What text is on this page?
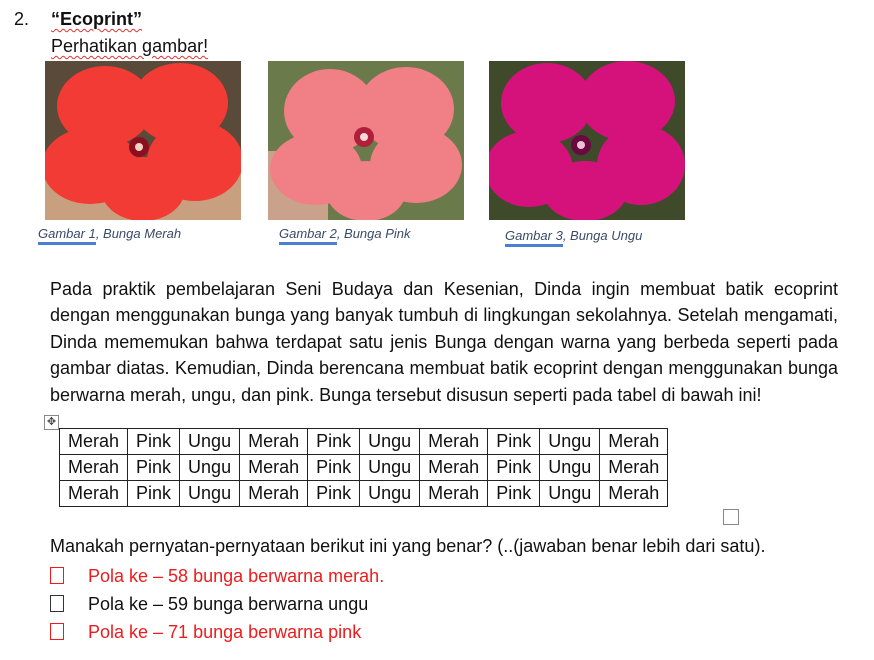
2. “Ecoprint”
Perhatikan gambar!
Gambar 1, Bunga Merah	Gambar 2, Bunga Pink	Gambar 3, Bunga Ungu
Pada praktik pembelajaran Seni Budaya dan Kesenian, Dinda ingin membuat batik ecoprint dengan menggunakan bunga yang banyak tumbuh di lingkungan sekolahnya. Setelah mengamati, Dinda mememukan bahwa terdapat satu jenis Bunga dengan warna yang berbeda seperti pada gambar diatas. Kemudian, Dinda berencana membuat batik ecoprint dengan menggunakan bunga berwarna merah, ungu, dan pink. Bunga tersebut disusun seperti pada tabel di bawah ini!
✥
Merah	Pink	Ungu	Merah	Pink	Ungu	Merah	Pink	Ungu	Merah
Merah	Pink	Ungu	Merah	Pink	Ungu	Merah	Pink	Ungu	Merah
Merah	Pink	Ungu	Merah	Pink	Ungu	Merah	Pink	Ungu	Merah
Manakah pernyatan-pernyataan berikut ini yang benar? (..(jawaban benar lebih dari satu).
Pola ke – 58 bunga berwarna merah.
Pola ke – 59 bunga berwarna ungu
Pola ke – 71 bunga berwarna pink
